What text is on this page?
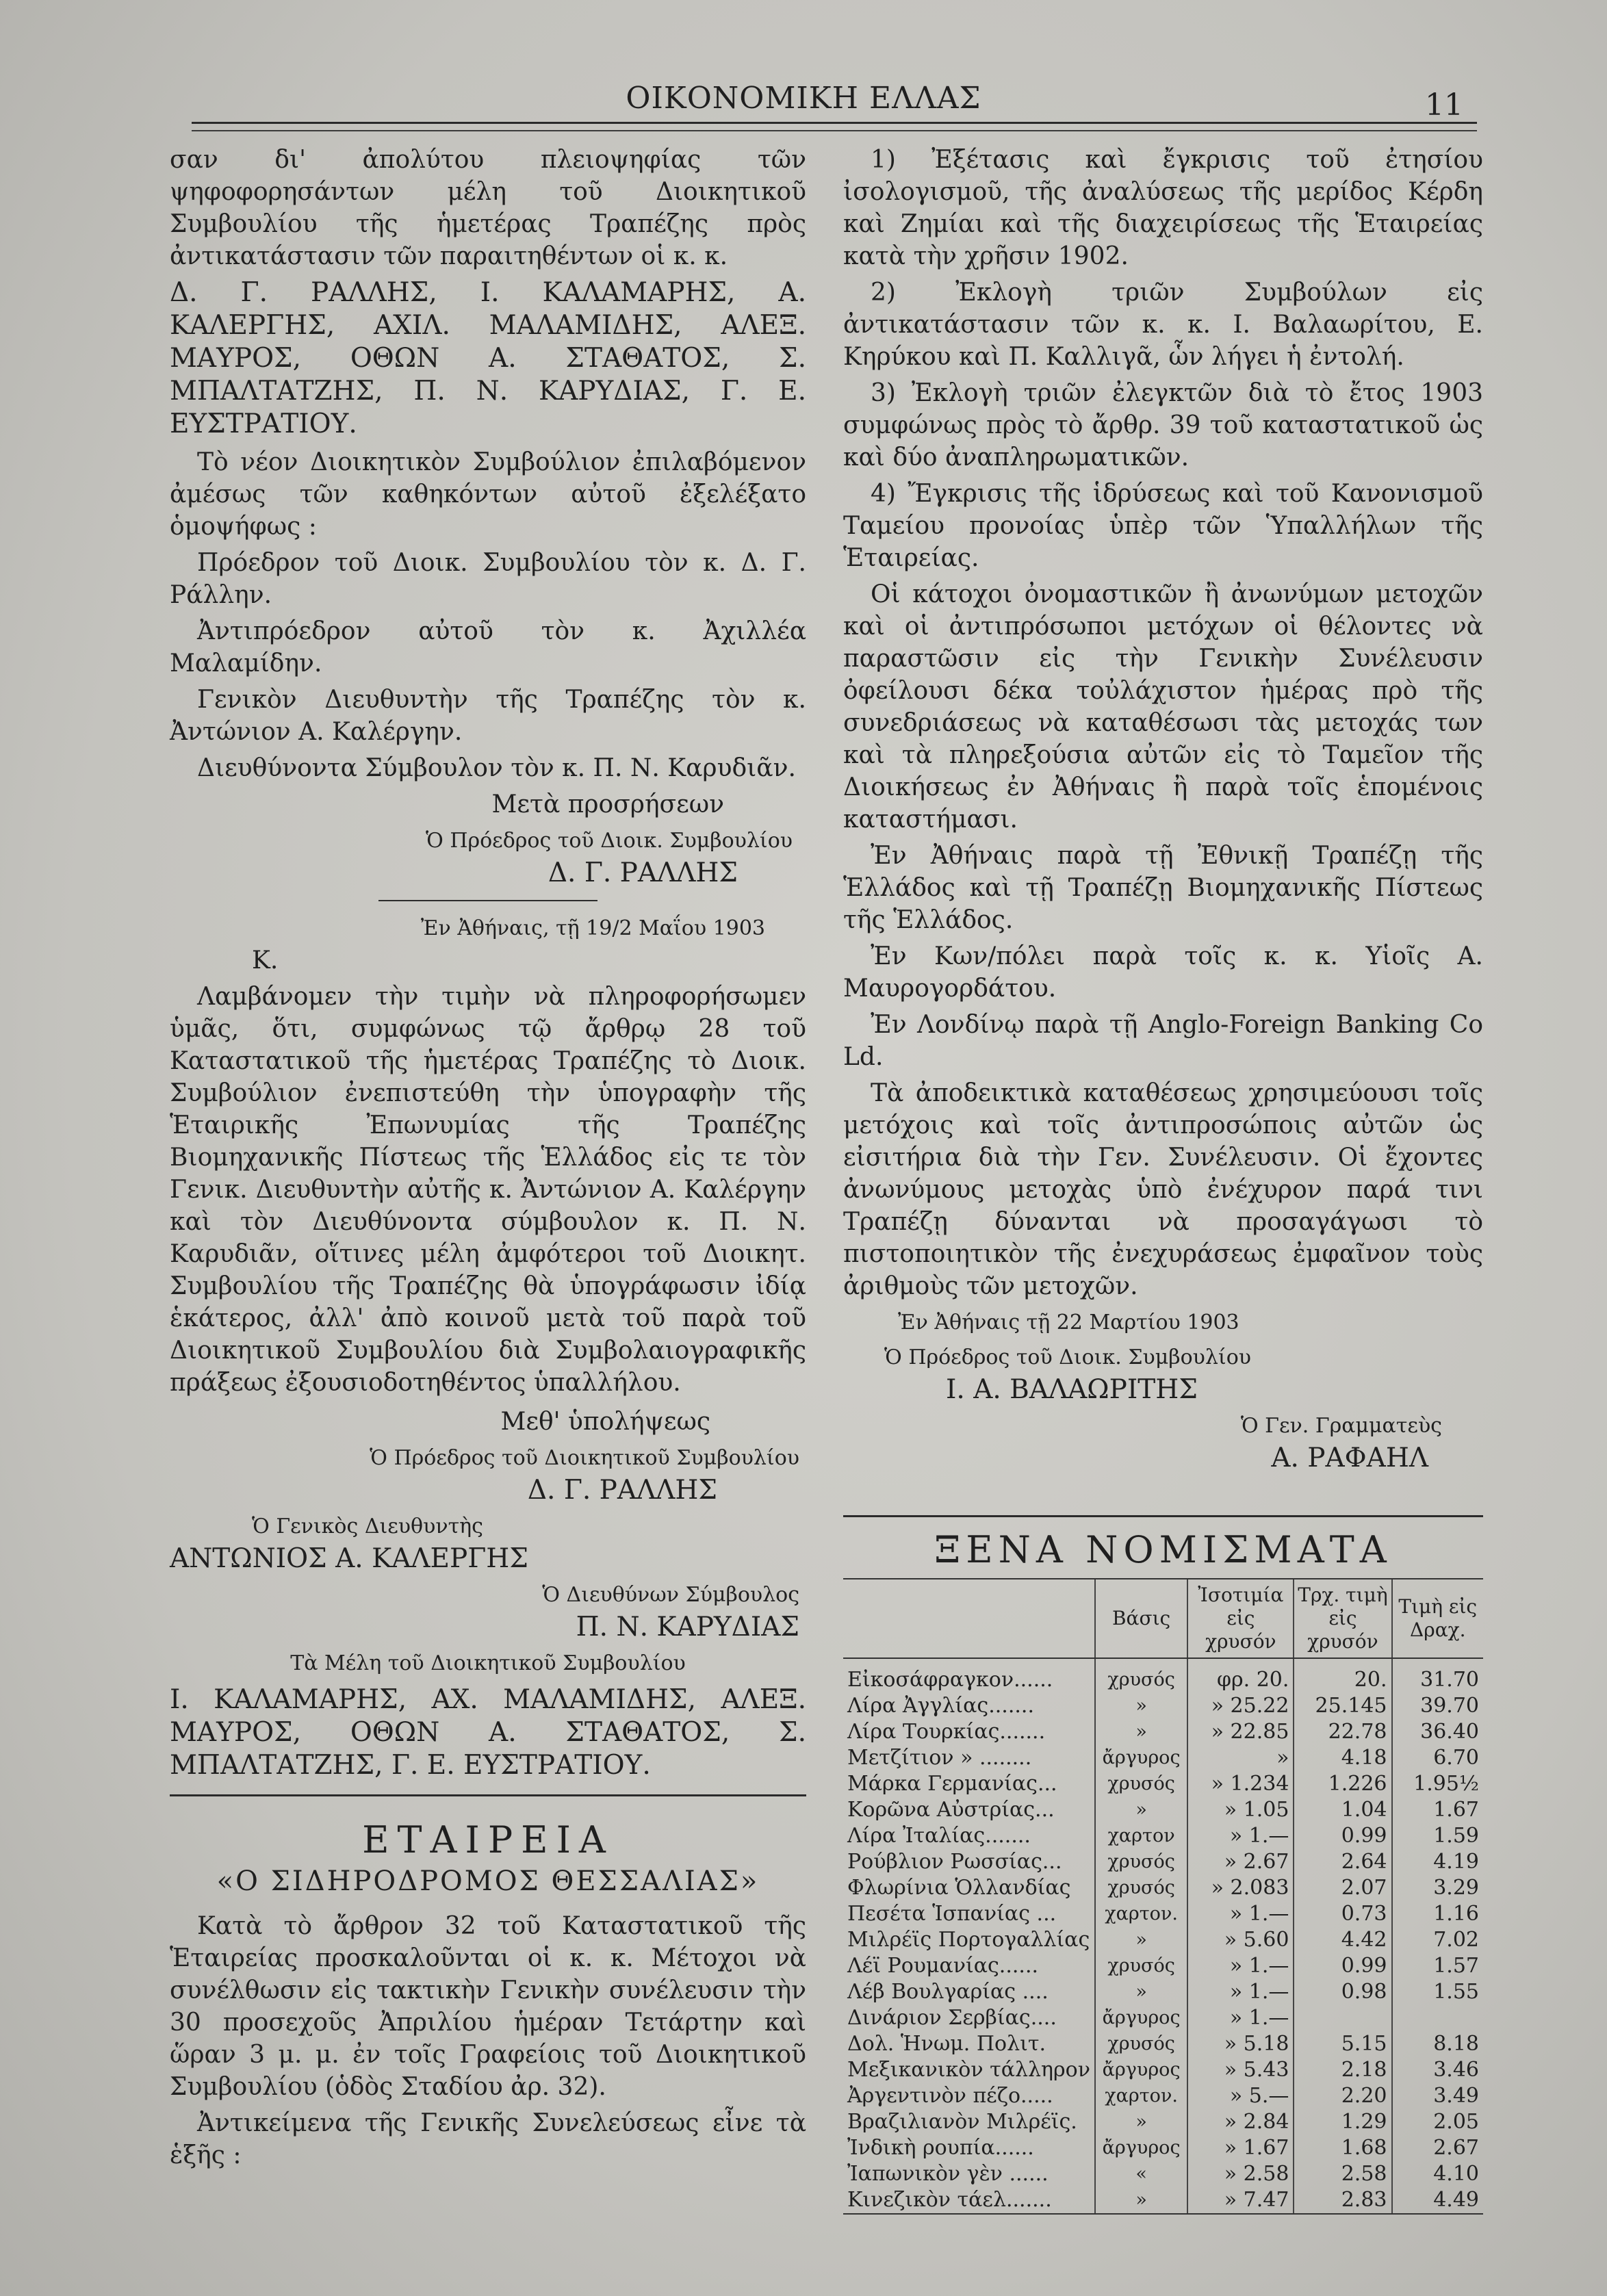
ΟΙΚΟΝΟΜΙΚΗ ΕΛΛΑΣ	11

σαν δι' ἀπολύτου πλειοψηφίας τῶν ψηφοφορησάντων μέλη τοῦ Διοικητικοῦ Συμβουλίου τῆς ἡμετέρας Τραπέζης πρὸς ἀντικατάστασιν τῶν παραιτηθέντων οἱ κ. κ.

Δ. Γ. ΡΑΛΛΗΣ, Ι. ΚΑΛΑΜΑΡΗΣ, Α. ΚΑΛΕΡΓΗΣ, ΑΧΙΛ. ΜΑΛΑΜΙΔΗΣ, ΑΛΕΞ. ΜΑΥΡΟΣ, ΟΘΩΝ Α. ΣΤΑΘΑΤΟΣ, Σ. ΜΠΑΛΤΑΤΖΗΣ, Π. Ν. ΚΑΡΥΔΙΑΣ, Γ. Ε. ΕΥΣΤΡΑΤΙΟΥ.

Τὸ νέον Διοικητικὸν Συμβούλιον ἐπιλαβόμενον ἀμέσως τῶν καθηκόντων αὐτοῦ ἐξελέξατο ὁμοψήφως :

Πρόεδρον τοῦ Διοικ. Συμβουλίου τὸν κ. Δ. Γ. Ράλλην.

Ἀντιπρόεδρον αὐτοῦ τὸν κ. Ἀχιλλέα Μαλαμίδην.

Γενικὸν Διευθυντὴν τῆς Τραπέζης τὸν κ. Ἀντώνιον Α. Καλέργην.

Διευθύνοντα Σύμβουλον τὸν κ. Π. Ν. Καρυδιᾶν.

Μετὰ προσρήσεων

Ὁ Πρόεδρος τοῦ Διοικ. Συμβουλίου

Δ. Γ. ΡΑΛΛΗΣ

Ἐν Ἀθήναις, τῇ 19/2 Μαΐου 1903

Κ.

Λαμβάνομεν τὴν τιμὴν νὰ πληροφορήσωμεν ὑμᾶς, ὅτι, συμφώνως τῷ ἄρθρῳ 28 τοῦ Καταστατικοῦ τῆς ἡμετέρας Τραπέζης τὸ Διοικ. Συμβούλιον ἐνεπιστεύθη τὴν ὑπογραφὴν τῆς Ἑταιρικῆς Ἐπωνυμίας τῆς Τραπέζης Βιομηχανικῆς Πίστεως τῆς Ἑλλάδος εἰς τε τὸν Γενικ. Διευθυντὴν αὐτῆς κ. Ἀντώνιον Α. Καλέργην καὶ τὸν Διευθύνοντα σύμβουλον κ. Π. Ν. Καρυδιᾶν, οἵτινες μέλη ἀμφότεροι τοῦ Διοικητ. Συμβουλίου τῆς Τραπέζης θὰ ὑπογράφωσιν ἰδίᾳ ἑκάτερος, ἀλλ' ἀπὸ κοινοῦ μετὰ τοῦ παρὰ τοῦ Διοικητικοῦ Συμβουλίου διὰ Συμβολαιογραφικῆς πράξεως ἐξουσιοδοτηθέντος ὑπαλλήλου.

Μεθ' ὑπολήψεως

Ὁ Πρόεδρος τοῦ Διοικητικοῦ Συμβουλίου

Δ. Γ. ΡΑΛΛΗΣ

Ὁ Γενικὸς Διευθυντὴς

ΑΝΤΩΝΙΟΣ Α. ΚΑΛΕΡΓΗΣ

Ὁ Διευθύνων Σύμβουλος

Π. Ν. ΚΑΡΥΔΙΑΣ

Τὰ Μέλη τοῦ Διοικητικοῦ Συμβουλίου

Ι. ΚΑΛΑΜΑΡΗΣ, ΑΧ. ΜΑΛΑΜΙΔΗΣ, ΑΛΕΞ. ΜΑΥΡΟΣ, ΟΘΩΝ Α. ΣΤΑΘΑΤΟΣ, Σ. ΜΠΑΛΤΑΤΖΗΣ, Γ. Ε. ΕΥΣΤΡΑΤΙΟΥ.

ΕΤΑΙΡΕΙΑ
«Ο ΣΙΔΗΡΟΔΡΟΜΟΣ ΘΕΣΣΑΛΙΑΣ»

Κατὰ τὸ ἄρθρον 32 τοῦ Καταστατικοῦ τῆς Ἑταιρείας προσκαλοῦνται οἱ κ. κ. Μέτοχοι νὰ συνέλθωσιν εἰς τακτικὴν Γενικὴν συνέλευσιν τὴν 30 προσεχοῦς Ἀπριλίου ἡμέραν Τετάρτην καὶ ὥραν 3 μ. μ. ἐν τοῖς Γραφείοις τοῦ Διοικητικοῦ Συμβουλίου (ὁδὸς Σταδίου ἀρ. 32).

Ἀντικείμενα τῆς Γενικῆς Συνελεύσεως εἶνε τὰ ἑξῆς :

1) Ἐξέτασις καὶ ἔγκρισις τοῦ ἐτησίου ἰσολογισμοῦ, τῆς ἀναλύσεως τῆς μερίδος Κέρδη καὶ Ζημίαι καὶ τῆς διαχειρίσεως τῆς Ἑταιρείας κατὰ τὴν χρῆσιν 1902.

2) Ἐκλογὴ τριῶν Συμβούλων εἰς ἀντικατάστασιν τῶν κ. κ. Ι. Βαλαωρίτου, Ε. Κηρύκου καὶ Π. Καλλιγᾶ, ὧν λήγει ἡ ἐντολή.

3) Ἐκλογὴ τριῶν ἐλεγκτῶν διὰ τὸ ἔτος 1903 συμφώνως πρὸς τὸ ἄρθρ. 39 τοῦ καταστατικοῦ ὡς καὶ δύο ἀναπληρωματικῶν.

4) Ἔγκρισις τῆς ἱδρύσεως καὶ τοῦ Κανονισμοῦ Ταμείου προνοίας ὑπὲρ τῶν Ὑπαλλήλων τῆς Ἑταιρείας.

Οἱ κάτοχοι ὀνομαστικῶν ἢ ἀνωνύμων μετοχῶν καὶ οἱ ἀντιπρόσωποι μετόχων οἱ θέλοντες νὰ παραστῶσιν εἰς τὴν Γενικὴν Συνέλευσιν ὀφείλουσι δέκα τοὐλάχιστον ἡμέρας πρὸ τῆς συνεδριάσεως νὰ καταθέσωσι τὰς μετοχάς των καὶ τὰ πληρεξούσια αὐτῶν εἰς τὸ Ταμεῖον τῆς Διοικήσεως ἐν Ἀθήναις ἢ παρὰ τοῖς ἑπομένοις καταστήμασι.

Ἐν Ἀθήναις παρὰ τῇ Ἐθνικῇ Τραπέζῃ τῆς Ἑλλάδος καὶ τῇ Τραπέζῃ Βιομηχανικῆς Πίστεως τῆς Ἑλλάδος.

Ἐν Κων/πόλει παρὰ τοῖς κ. κ. Υἱοῖς Α. Μαυρογορδάτου.

Ἐν Λονδίνῳ παρὰ τῇ Anglo-Foreign Banking Co Ld.

Τὰ ἀποδεικτικὰ καταθέσεως χρησιμεύουσι τοῖς μετόχοις καὶ τοῖς ἀντιπροσώποις αὐτῶν ὡς εἰσιτήρια διὰ τὴν Γεν. Συνέλευσιν. Οἱ ἔχοντες ἀνωνύμους μετοχὰς ὑπὸ ἐνέχυρον παρά τινι Τραπέζῃ δύνανται νὰ προσαγάγωσι τὸ πιστοποιητικὸν τῆς ἐνεχυράσεως ἐμφαῖνον τοὺς ἀριθμοὺς τῶν μετοχῶν.

Ἐν Ἀθήναις τῇ 22 Μαρτίου 1903

Ὁ Πρόεδρος τοῦ Διοικ. Συμβουλίου

Ι. Α. ΒΑΛΑΩΡΙΤΗΣ

Ὁ Γεν. Γραμματεὺς

Α. ΡΑΦΑΗΛ

ΞΕΝΑ ΝΟΜΙΣΜΑΤΑ
	Βάσις	Ἰσοτιμία εἰς χρυσόν	Τρχ. τιμὴ εἰς χρυσόν	Τιμὴ εἰς Δραχ.
Εἰκοσάφραγκον......	χρυσός	φρ. 20.	20.	31.70
Λίρα Ἀγγλίας.......	»	» 25.22	25.145	39.70
Λίρα Τουρκίας.......	»	» 22.85	22.78	36.40
Μετζίτιον » ........	ἄργυρος	»	4.18	6.70
Μάρκα Γερμανίας...	χρυσός	» 1.234	1.226	1.95½
Κορῶνα Αὐστρίας...	»	» 1.05	1.04	1.67
Λίρα Ἰταλίας.......	χαρτον	» 1.—	0.99	1.59
Ρούβλιον Ρωσσίας...	χρυσός	» 2.67	2.64	4.19
Φλωρίνια Ὁλλανδίας	χρυσός	» 2.083	2.07	3.29
Πεσέτα Ἱσπανίας ...	χαρτον.	» 1.—	0.73	1.16
Μιλρέϊς Πορτογαλλίας	»	» 5.60	4.42	7.02
Λέϊ Ρουμανίας......	χρυσός	» 1.—	0.99	1.57
Λέβ Βουλγαρίας ....	»	» 1.—	0.98	1.55
Δινάριον Σερβίας....	ἄργυρος	» 1.—		
Δολ. Ἡνωμ. Πολιτ.	χρυσός	» 5.18	5.15	8.18
Μεξικανικὸν τάλληρον	ἄργυρος	» 5.43	2.18	3.46
Ἀργεντινὸν πέζο.....	χαρτον.	» 5.—	2.20	3.49
Βραζιλιανὸν Μιλρέϊς.	»	» 2.84	1.29	2.05
Ἰνδικὴ ρουπία......	ἄργυρος	» 1.67	1.68	2.67
Ἰαπωνικὸν γὲν ......	«	» 2.58	2.58	4.10
Κινεζικὸν τάελ.......	»	» 7.47	2.83	4.49
